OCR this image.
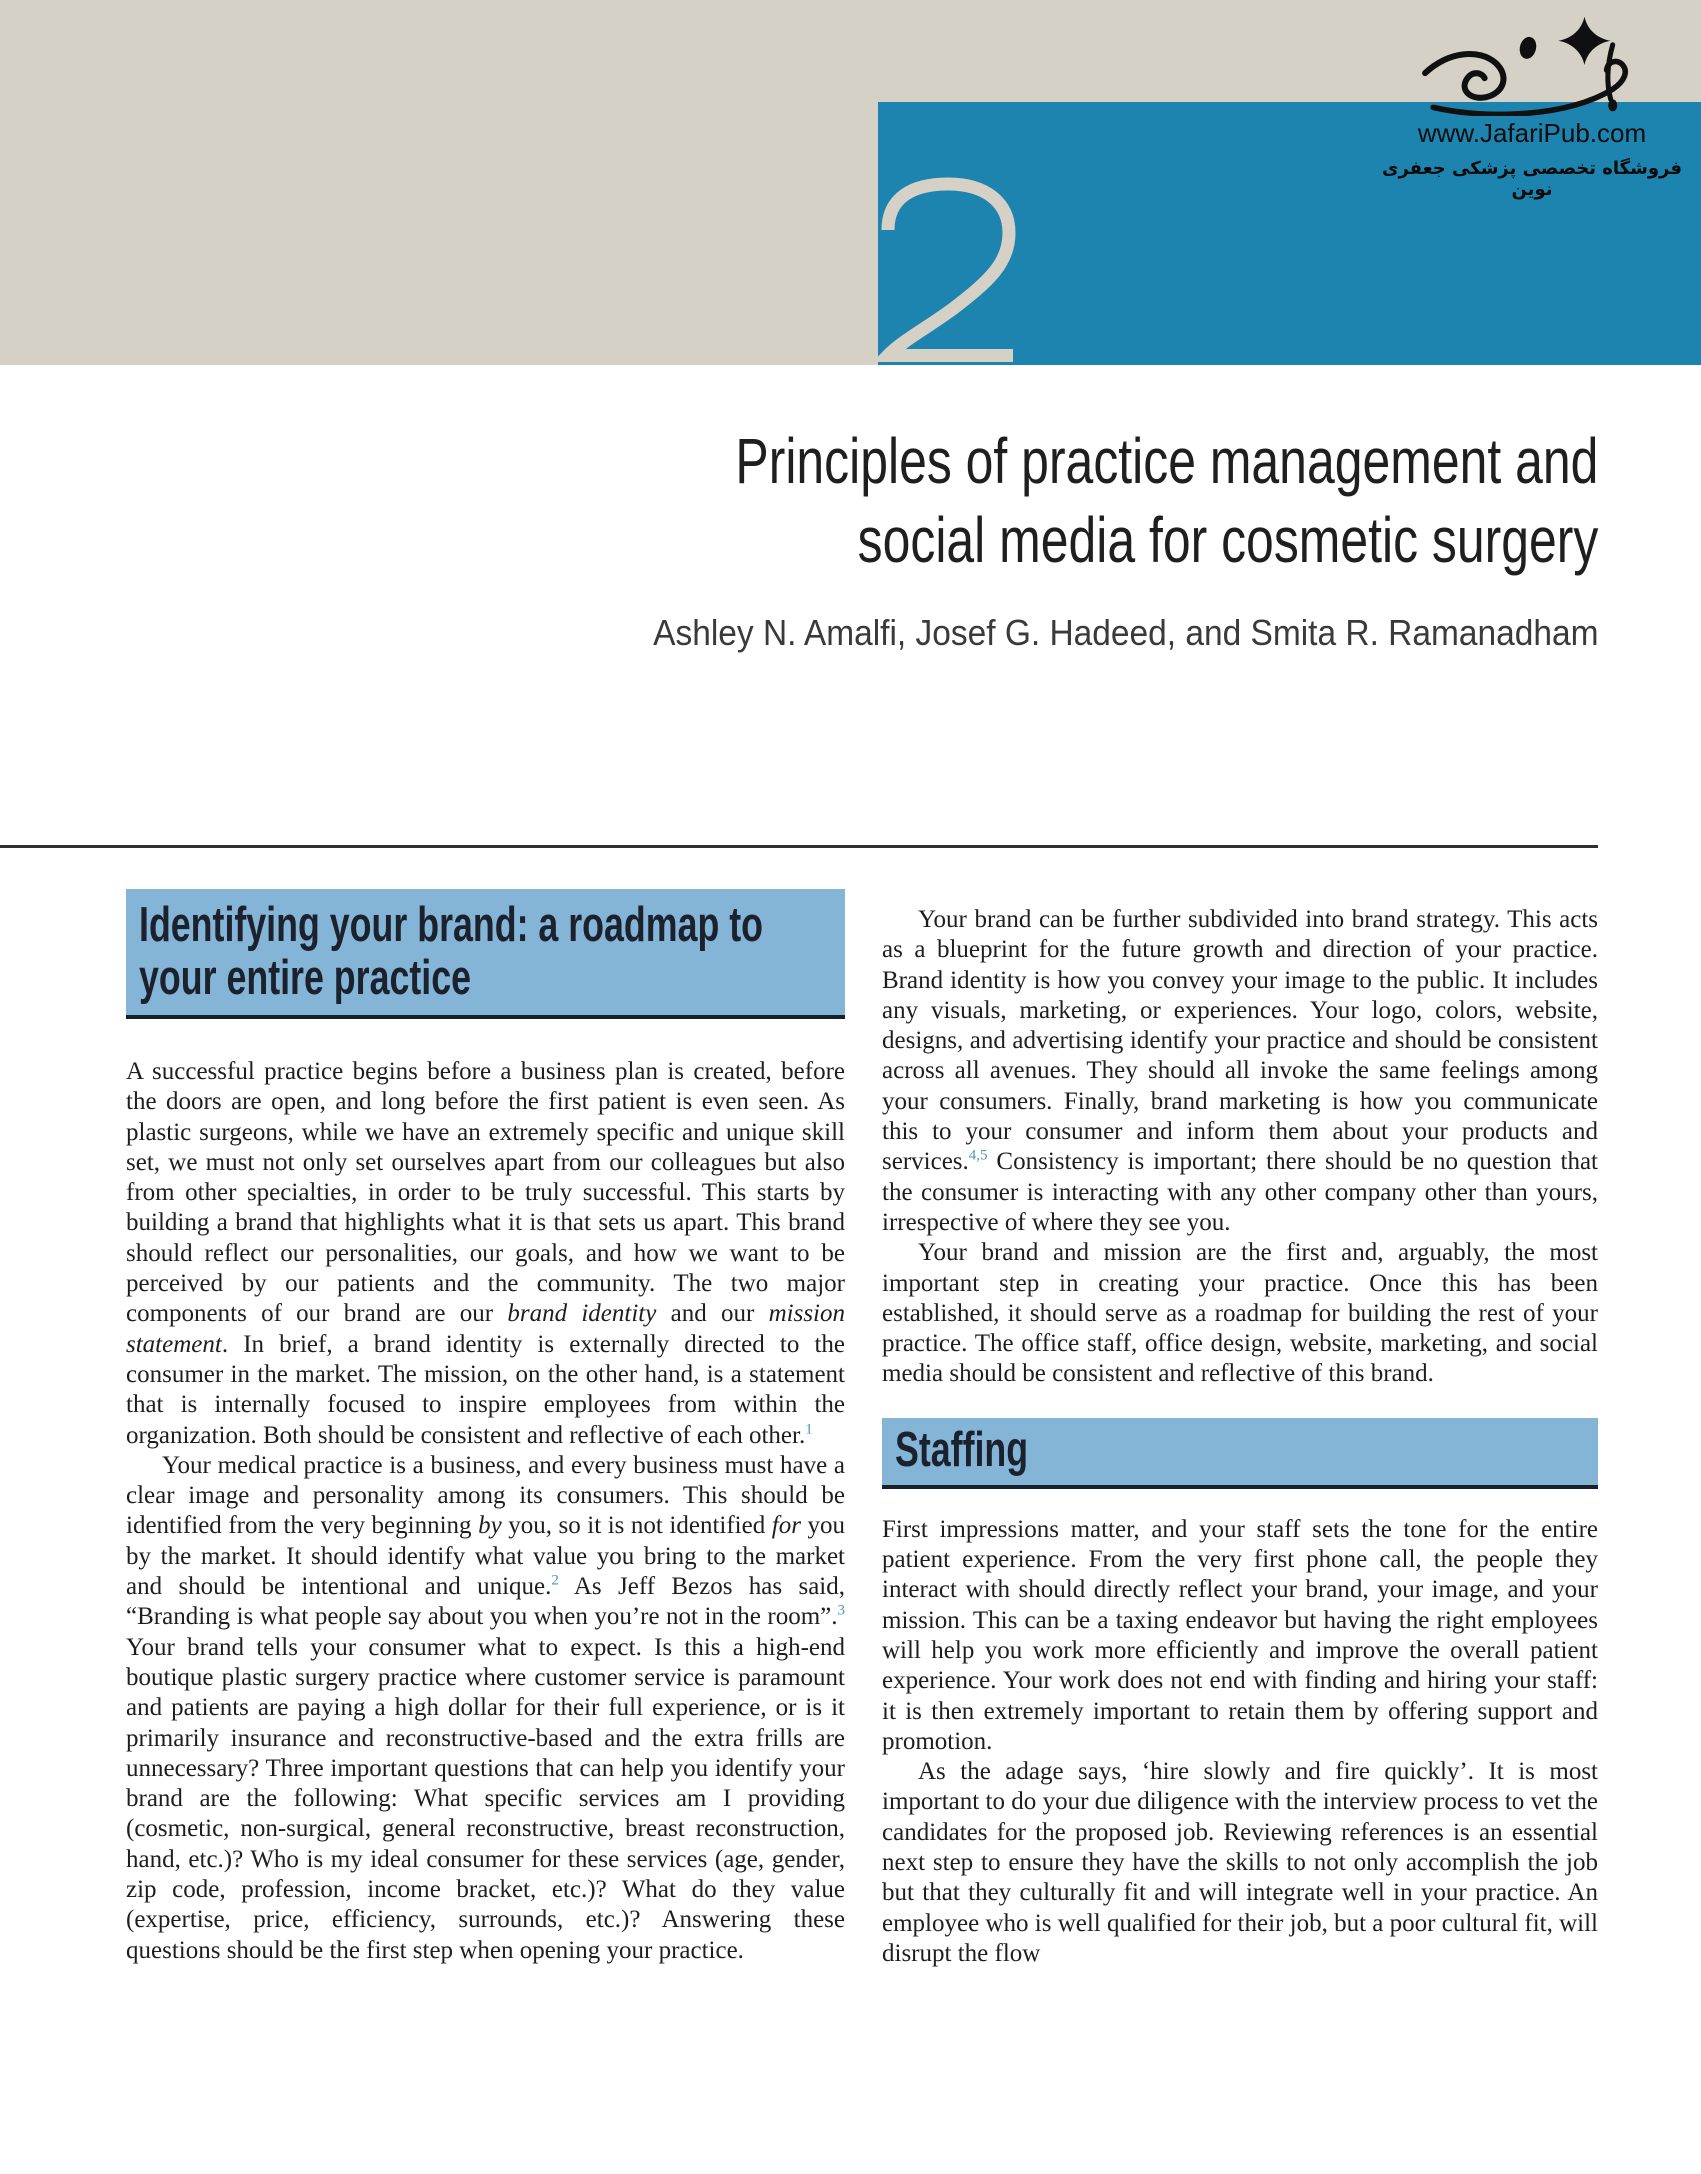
www.JafariPub.com
فروشگاه تخصصی پزشکی جعفری نوین
Principles of practice management and
social media for cosmetic surgery
Ashley N. Amalfi, Josef G. Hadeed, and Smita R. Ramanadham
Identifying your brand: a roadmap to
your entire practice

A successful practice begins before a business plan is created, before the doors are open, and long before the first patient is even seen. As plastic surgeons, while we have an extremely specific and unique skill set, we must not only set ourselves apart from our colleagues but also from other specialties, in order to be truly successful. This starts by building a brand that highlights what it is that sets us apart. This brand should reflect our personalities, our goals, and how we want to be perceived by our patients and the community. The two major components of our brand are our brand identity and our mission statement. In brief, a brand identity is externally directed to the consumer in the market. The mission, on the other hand, is a statement that is internally focused to inspire employees from within the organization. Both should be consistent and reflective of each other.$^1$

Your medical practice is a business, and every business must have a clear image and personality among its consumers. This should be identified from the very beginning by you, so it is not identified for you by the market. It should identify what value you bring to the market and should be intentional and unique.$^2$ As Jeff Bezos has said, “Branding is what people say about you when you’re not in the room”.$^3$ Your brand tells your consumer what to expect. Is this a high-end boutique plastic surgery practice where customer service is paramount and patients are paying a high dollar for their full experience, or is it primarily insurance and reconstructive-based and the extra frills are unnecessary? Three important questions that can help you identify your brand are the following: What specific services am I providing (cosmetic, non-surgical, general reconstructive, breast reconstruction, hand, etc.)? Who is my ideal consumer for these services (age, gender, zip code, profession, income bracket, etc.)? What do they value (expertise, price, efficiency, surrounds, etc.)? Answering these questions should be the first step when opening your practice.

Your brand can be further subdivided into brand strategy. This acts as a blueprint for the future growth and direction of your practice. Brand identity is how you convey your image to the public. It includes any visuals, marketing, or experiences. Your logo, colors, website, designs, and advertising identify your practice and should be consistent across all avenues. They should all invoke the same feelings among your consumers. Finally, brand marketing is how you communicate this to your consumer and inform them about your products and services.$^{4,5}$ Consistency is important; there should be no question that the consumer is interacting with any other company other than yours, irrespective of where they see you.

Your brand and mission are the first and, arguably, the most important step in creating your practice. Once this has been established, it should serve as a roadmap for building the rest of your practice. The office staff, office design, website, marketing, and social media should be consistent and reflective of this brand.

Staffing

First impressions matter, and your staff sets the tone for the entire patient experience. From the very first phone call, the people they interact with should directly reflect your brand, your image, and your mission. This can be a taxing endeavor but having the right employees will help you work more efficiently and improve the overall patient experience. Your work does not end with finding and hiring your staff: it is then extremely important to retain them by offering support and promotion.

As the adage says, ‘hire slowly and fire quickly’. It is most important to do your due diligence with the interview process to vet the candidates for the proposed job. Reviewing references is an essential next step to ensure they have the skills to not only accomplish the job but that they culturally fit and will integrate well in your practice. An employee who is well qualified for their job, but a poor cultural fit, will disrupt the flow
